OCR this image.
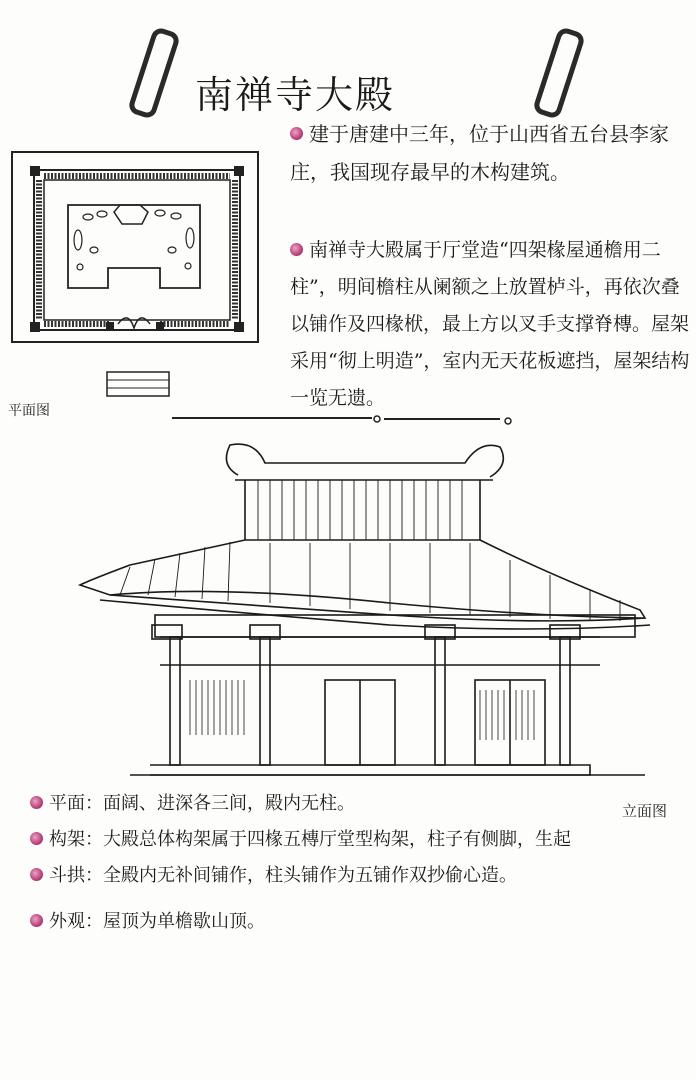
南禅寺大殿
建于唐建中三年，位于山西省五台县李家庄，我国现存最早的木构建筑。
南禅寺大殿属于厅堂造“四架椽屋通檐用二柱”，明间檐柱从阑额之上放置栌斗，再依次叠以铺作及四椽栿，最上方以叉手支撑脊槫。屋架采用“彻上明造”，室内无天花板遮挡，屋架结构一览无遗。
平面图
立面图
平面：面阔、进深各三间，殿内无柱。
构架：大殿总体构架属于四椽五槫厅堂型构架，柱子有侧脚，生起
斗拱：全殿内无补间铺作，柱头铺作为五铺作双抄偷心造。
外观：屋顶为单檐歇山顶。
